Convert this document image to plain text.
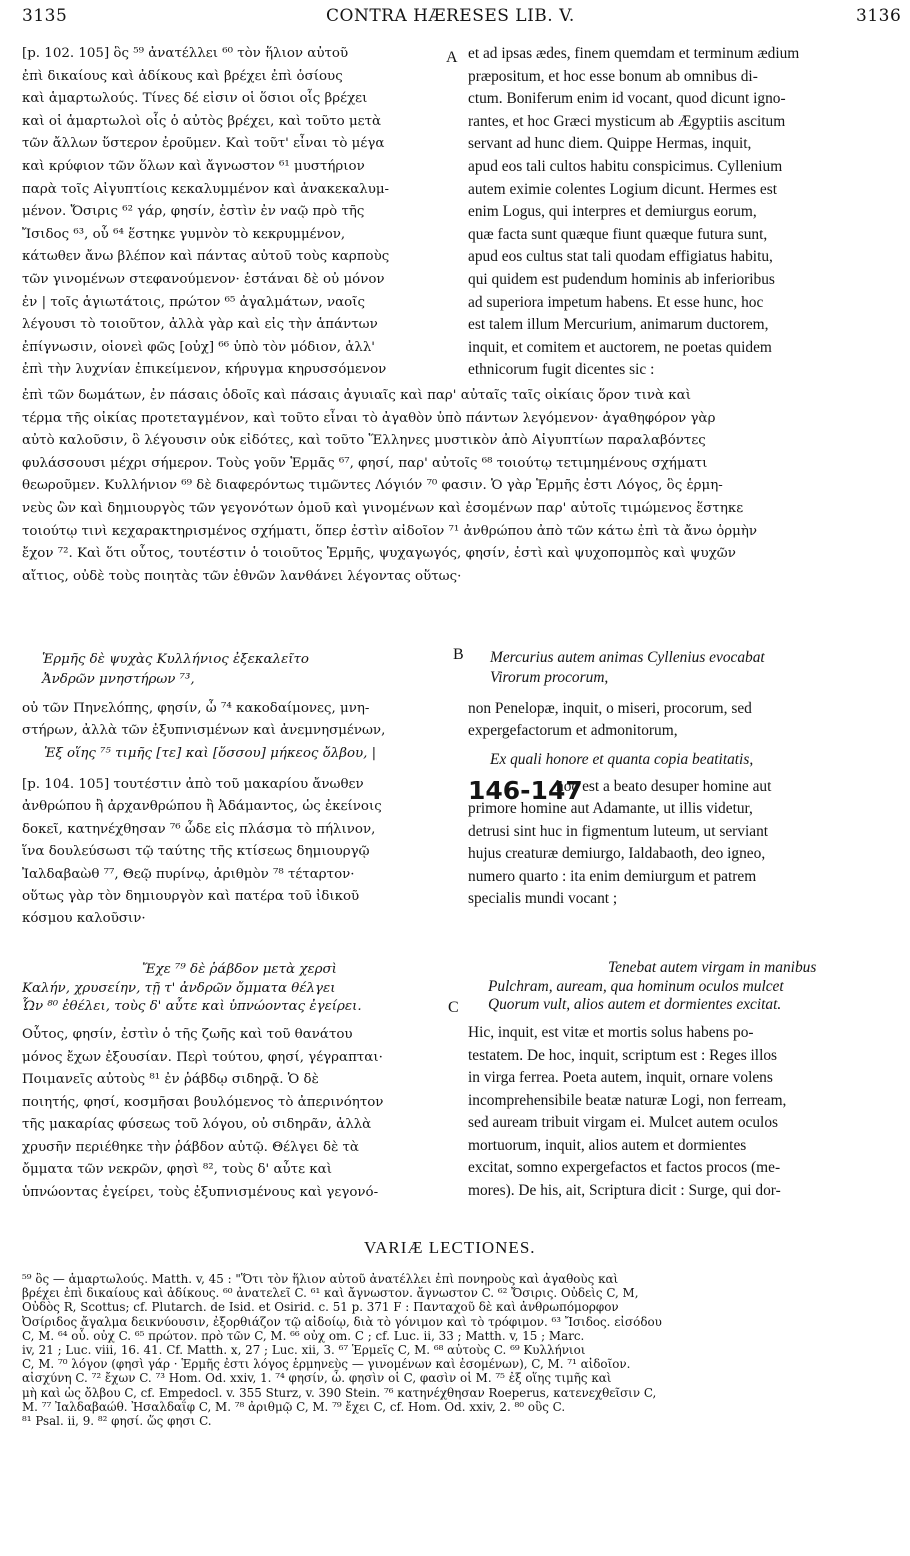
3135	CONTRA HÆRESES LIB. V.	3136
A
B
C
146-147
VARIÆ LECTIONES.
[p. 102. 105] ὃς ⁵⁹ ἀνατέλλει ⁶⁰ τὸν ἥλιον αὐτοῦ
ἐπὶ δικαίους καὶ ἀδίκους καὶ βρέχει ἐπὶ ὁσίους
καὶ ἁμαρτωλούς. Τίνες δέ εἰσιν οἱ ὅσιοι οἷς βρέχει
καὶ οἱ ἁμαρτωλοὶ οἷς ὁ αὐτὸς βρέχει, καὶ τοῦτο μετὰ
τῶν ἄλλων ὕστερον ἐροῦμεν. Καὶ τοῦτ' εἶναι τὸ μέγα
καὶ κρύφιον τῶν ὅλων καὶ ἄγνωστον ⁶¹ μυστήριον
παρὰ τοῖς Αἰγυπτίοις κεκαλυμμένον καὶ ἀνακεκαλυμ-
μένον. Ὄσιρις ⁶² γάρ, φησίν, ἐστὶν ἐν ναῷ πρὸ τῆς
Ἴσιδος ⁶³, οὗ ⁶⁴ ἕστηκε γυμνὸν τὸ κεκρυμμένον,
κάτωθεν ἄνω βλέπον καὶ πάντας αὐτοῦ τοὺς καρποὺς
τῶν γινομένων στεφανούμενον· ἑστάναι δὲ οὐ μόνον
ἐν | τοῖς ἁγιωτάτοις, πρώτον ⁶⁵ ἀγαλμάτων, ναοῖς
λέγουσι τὸ τοιοῦτον, ἀλλὰ γὰρ καὶ εἰς τὴν ἁπάντων
ἐπίγνωσιν, οἱονεὶ φῶς [οὐχ] ⁶⁶ ὑπὸ τὸν μόδιον, ἀλλ'
ἐπὶ τὴν λυχνίαν ἐπικείμενον, κήρυγμα κηρυσσόμενον
et ad ipsas ædes, finem quemdam et terminum ædium
præpositum, et hoc esse bonum ab omnibus di-
ctum. Boniferum enim id vocant, quod dicunt igno-
rantes, et hoc Græci mysticum ab Ægyptiis ascitum
servant ad hunc diem. Quippe Hermas, inquit,
apud eos tali cultos habitu conspicimus. Cyllenium
autem eximie colentes Logium dicunt. Hermes est
enim Logus, qui interpres et demiurgus eorum,
quæ facta sunt quæque fiunt quæque futura sunt,
apud eos cultus stat tali quodam effigiatus habitu,
qui quidem est pudendum hominis ab inferioribus
ad superiora impetum habens. Et esse hunc, hoc
est talem illum Mercurium, animarum ductorem,
inquit, et comitem et auctorem, ne poetas quidem
ethnicorum fugit dicentes sic :
ἐπὶ τῶν δωμάτων, ἐν πάσαις ὁδοῖς καὶ πάσαις ἀγυιαῖς καὶ παρ' αὐταῖς ταῖς οἰκίαις ὅρον τινὰ καὶ
τέρμα τῆς οἰκίας προτεταγμένον, καὶ τοῦτο εἶναι τὸ ἀγαθὸν ὑπὸ πάντων λεγόμενον· ἀγαθηφόρον γὰρ
αὐτὸ καλοῦσιν, ὃ λέγουσιν οὐκ εἰδότες, καὶ τοῦτο Ἕλληνες μυστικὸν ἀπὸ Αἰγυπτίων παραλαβόντες
φυλάσσουσι μέχρι σήμερον. Τοὺς γοῦν Ἑρμᾶς ⁶⁷, φησί, παρ' αὐτοῖς ⁶⁸ τοιούτῳ τετιμημένους σχήματι
θεωροῦμεν. Κυλλήνιον ⁶⁹ δὲ διαφερόντως τιμῶντες Λόγιόν ⁷⁰ φασιν. Ὁ γὰρ Ἑρμῆς ἐστι Λόγος, ὃς ἑρμη-
νεὺς ὢν καὶ δημιουργὸς τῶν γεγονότων ὁμοῦ καὶ γινομένων καὶ ἐσομένων παρ' αὐτοῖς τιμώμενος ἕστηκε
τοιούτῳ τινὶ κεχαρακτηρισμένος σχήματι, ὅπερ ἐστὶν αἰδοῖον ⁷¹ ἀνθρώπου ἀπὸ τῶν κάτω ἐπὶ τὰ ἄνω ὁρμὴν
ἔχον ⁷². Καὶ ὅτι οὗτος, τουτέστιν ὁ τοιοῦτος Ἑρμῆς, ψυχαγωγός, φησίν, ἐστὶ καὶ ψυχοπομπὸς καὶ ψυχῶν
αἴτιος, οὐδὲ τοὺς ποιητὰς τῶν ἐθνῶν λανθάνει λέγοντας οὕτως·
Ἑρμῆς δὲ ψυχὰς Κυλλήνιος ἐξεκαλεῖτο
Ἀνδρῶν μνηστήρων ⁷³,
οὐ τῶν Πηνελόπης, φησίν, ὦ ⁷⁴ κακοδαίμονες, μνη-
στήρων, ἀλλὰ τῶν ἐξυπνισμένων καὶ ἀνεμνησμένων,
Ἐξ οἵης ⁷⁵ τιμῆς [τε] καὶ [ὅσσου] μήκεος ὄλβου, |
[p. 104. 105] τουτέστιν ἀπὸ τοῦ μακαρίου ἄνωθεν
ἀνθρώπου ἢ ἀρχανθρώπου ἢ Ἀδάμαντος, ὡς ἐκείνοις
δοκεῖ, κατηνέχθησαν ⁷⁶ ὧδε εἰς πλάσμα τὸ πήλινον,
ἵνα δουλεύσωσι τῷ ταύτης τῆς κτίσεως δημιουργῷ
Ἰαλδαβαὼθ ⁷⁷, Θεῷ πυρίνῳ, ἀριθμὸν ⁷⁸ τέταρτον·
οὕτως γὰρ τὸν δημιουργὸν καὶ πατέρα τοῦ ἰδικοῦ
κόσμου καλοῦσιν·
Mercurius autem animas Cyllenius evocabat
Virorum procorum,
non Penelopæ, inquit, o miseri, procorum, sed
expergefactorum et admonitorum,
Ex quali honore et quanta copia beatitatis,
hoc est a beato desuper homine aut
primore homine aut Adamante, ut illis videtur,
detrusi sint huc in figmentum luteum, ut serviant
hujus creaturæ demiurgo, Ialdabaoth, deo igneo,
numero quarto : ita enim demiurgum et patrem
specialis mundi vocant ;
Ἔχε ⁷⁹ δὲ ῥάβδον μετὰ χερσὶ
Καλήν, χρυσείην, τῇ τ' ἀνδρῶν ὄμματα θέλγει
Ὧν ⁸⁰ ἐθέλει, τοὺς δ' αὖτε καὶ ὑπνώοντας ἐγείρει.
Οὗτος, φησίν, ἐστὶν ὁ τῆς ζωῆς καὶ τοῦ θανάτου
μόνος ἔχων ἐξουσίαν. Περὶ τούτου, φησί, γέγραπται·
Ποιμανεῖς αὐτοὺς ⁸¹ ἐν ῥάβδῳ σιδηρᾷ. Ὁ δὲ
ποιητής, φησί, κοσμῆσαι βουλόμενος τὸ ἀπερινόητον
τῆς μακαρίας φύσεως τοῦ λόγου, οὐ σιδηρᾶν, ἀλλὰ
χρυσῆν περιέθηκε τὴν ῥάβδον αὐτῷ. Θέλγει δὲ τὰ
ὄμματα τῶν νεκρῶν, φησὶ ⁸², τοὺς δ' αὖτε καὶ
ὑπνώοντας ἐγείρει, τοὺς ἐξυπνισμένους καὶ γεγονό-
Tenebat autem virgam in manibus
Pulchram, auream, qua hominum oculos mulcet
Quorum vult, alios autem et dormientes excitat.
Hic, inquit, est vitæ et mortis solus habens po-
testatem. De hoc, inquit, scriptum est : Reges illos
in virga ferrea. Poeta autem, inquit, ornare volens
incomprehensibile beatæ naturæ Logi, non ferream,
sed auream tribuit virgam ei. Mulcet autem oculos
mortuorum, inquit, alios autem et dormientes
excitat, somno expergefactos et factos procos (me-
mores). De his, ait, Scriptura dicit : Surge, qui dor-
⁵⁹ ὃς — ἁμαρτωλούς. Matth. v, 45 : "Ὅτι τὸν ἥλιον αὐτοῦ ἀνατέλλει ἐπὶ πονηροὺς καὶ ἀγαθοὺς καὶ
βρέχει ἐπὶ δικαίους καὶ ἀδίκους. ⁶⁰ ἀνατελεῖ C. ⁶¹ καὶ ἄγνωστον. ἄγνωστον C. ⁶² Ὄσιρις. Οὐδεὶς C, M,
Οὐδὸς R, Scottus; cf. Plutarch. de Isid. et Osirid. c. 51 p. 371 F : Πανταχοῦ δὲ καὶ ἀνθρωπόμορφον
Ὀσίριδος ἄγαλμα δεικνύουσιν, ἐξορθιάζον τῷ αἰδοίῳ, διὰ τὸ γόνιμον καὶ τὸ τρόφιμον. ⁶³ Ἴσιδος. εἰσόδου
C, M. ⁶⁴ οὗ. οὐχ C. ⁶⁵ πρώτον. πρὸ τῶν C, M. ⁶⁶ οὐχ om. C ; cf. Luc. ii, 33 ; Matth. v, 15 ; Marc.
iv, 21 ; Luc. viii, 16. 41. Cf. Matth. x, 27 ; Luc. xii, 3. ⁶⁷ Ἑρμεῖς C, M. ⁶⁸ αὐτοὺς C. ⁶⁹ Κυλλήνιοι
C, M. ⁷⁰ λόγον (φησὶ γάρ · Ἑρμῆς ἐστι λόγος ἑρμηνεὺς — γινομένων καὶ ἐσομένων), C, M. ⁷¹ αἰδοῖον.
αἰσχύνη C. ⁷² ἔχων C. ⁷³ Hom. Od. xxiv, 1. ⁷⁴ φησίν, ὦ. φησὶν οἱ C, φασὶν οἱ M. ⁷⁵ ἐξ οἵης τιμῆς καὶ
μὴ καὶ ὡς ὄλβου C, cf. Empedocl. v. 355 Sturz, v. 390 Stein. ⁷⁶ κατηνέχθησαν Roeperus, κατενεχθεῖσιν C,
M. ⁷⁷ Ἰαλδαβαώθ. Ἠσαλδαΐφ C, M. ⁷⁸ ἀριθμῷ C, M. ⁷⁹ ἔχει C, cf. Hom. Od. xxiv, 2. ⁸⁰ οὓς C.
⁸¹ Psal. ii, 9. ⁸² φησί. ὥς φησι C.
